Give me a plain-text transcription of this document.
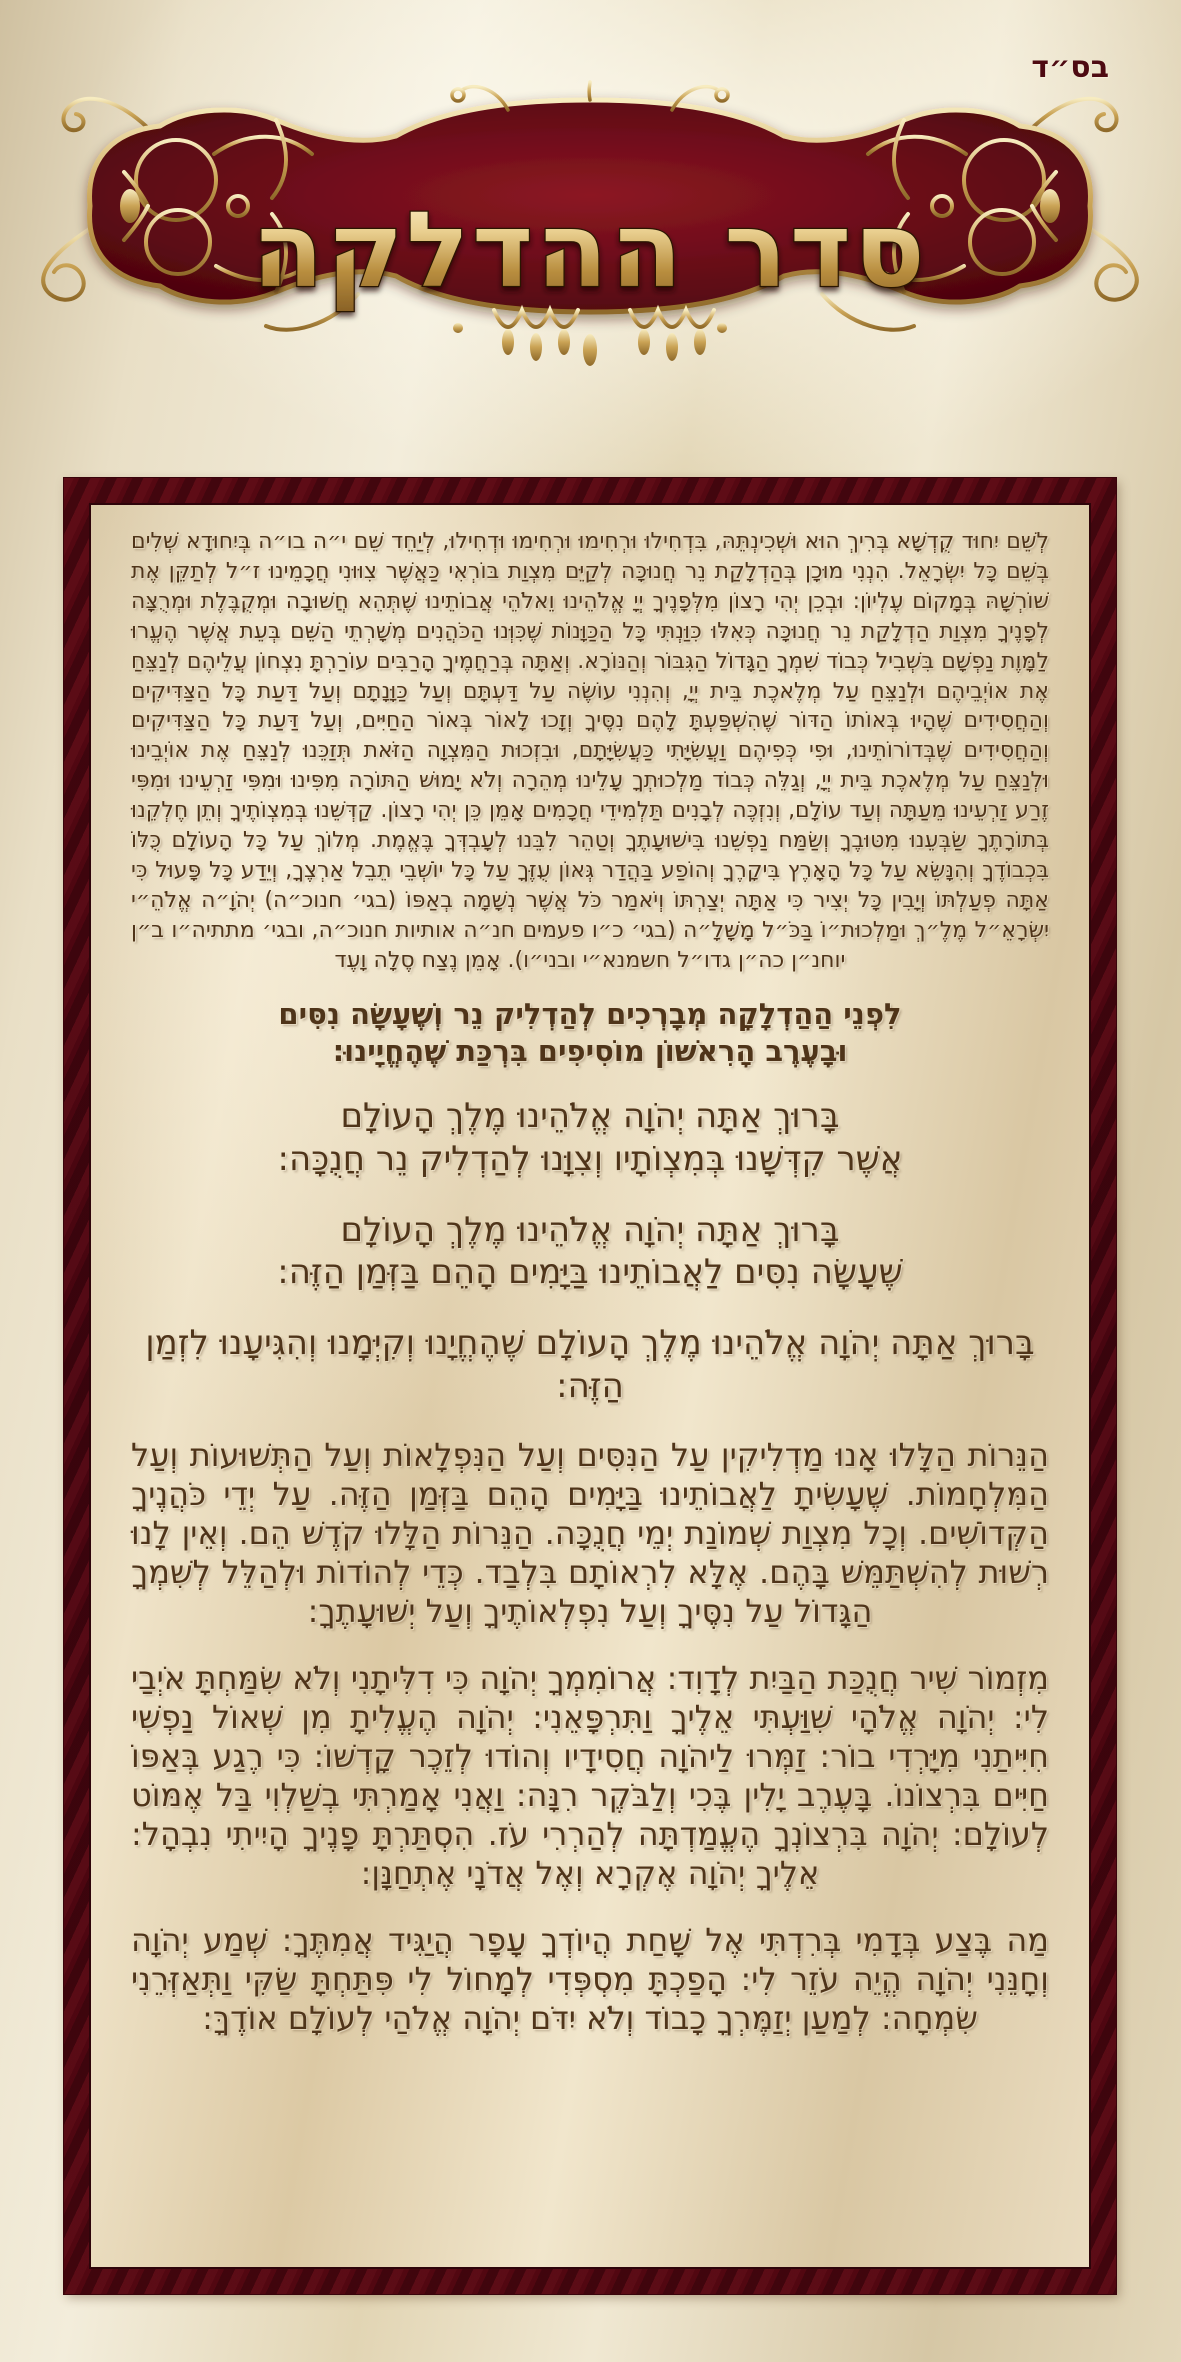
בס״ד
סדר ההדלקה

לְשֵׁם יִחוּד קֻדְשָׁא בְּרִיךְ הוּא וּשְׁכִינְתֵּהּ, בִּדְחִילוּ וּרְחִימוּ וּרְחִימוּ וּדְחִילוּ, לְיַחֵד שֵׁם י״ה בו״ה בְּיִחוּדָא שְׁלִים בְּשֵׁם כָּל יִשְׂרָאֵל. הִנְנִי מוּכָן בְּהַדְלָקַת נֵר חֲנוּכָּה לְקַיֵּם מִצְוַת בּוֹרְאִי כַּאֲשֶׁר צִוּוּנִי חֲכָמֵינוּ ז״ל לְתַקֵּן אֶת שׁוֹרְשָׁהּ בְּמָקוֹם עֶלְיוֹן: וּבְכֵן יְהִי רָצוֹן מִלְּפָנֶיךָ יְיָ אֱלֹהֵינוּ וֵאלֹהֵי אֲבוֹתֵינוּ שֶׁתְּהֵא חֲשׁוּבָה וּמְקֻבֶּלֶת וּמְרֻצָּה לְפָנֶיךָ מִצְוַת הַדְלָקַת נֵר חֲנוּכָּה כְּאִלּוּ כִּוַּנְתִּי כָּל הַכַּוָּנוֹת שֶׁכִּוְּנוּ הַכֹּהֲנִים מְשָׁרְתֵי הַשֵּׁם בְּעֵת אֲשֶׁר הֶעֱרוּ לַמָּוֶת נַפְשָׁם בִּשְׁבִיל כְּבוֹד שִׁמְךָ הַגָּדוֹל הַגִּבּוֹר וְהַנּוֹרָא. וְאַתָּה בְּרַחֲמֶיךָ הָרַבִּים עוֹרַרְתָּ נִצְחוֹן עֲלֵיהֶם לְנַצֵּחַ אֶת אוֹיְבֵיהֶם וּלְנַצֵּחַ עַל מְלֶאכֶת בֵּית יְיָ, וְהִנְנִי עוֹשֶׂה עַל דַּעְתָּם וְעַל כַּוָּנָתָם וְעַל דַּעַת כָּל הַצַּדִּיקִים וְהַחֲסִידִים שֶׁהָיוּ בְּאוֹתוֹ הַדּוֹר שֶׁהִשְׁפַּעְתָּ לָהֶם נִסֶּיךָ וְזָכוּ לָאוֹר בְּאוֹר הַחַיִּים, וְעַל דַּעַת כָּל הַצַּדִּיקִים וְהַחֲסִידִים שֶׁבְּדוֹרוֹתֵינוּ, וּפִי כְּפִיהֶם וַעֲשִׂיָּתִי כַּעֲשִׂיָּתָם, וּבִזְכוּת הַמִּצְוָה הַזֹּאת תְּזַכֵּנוּ לְנַצֵּחַ אֶת אוֹיְבֵינוּ וּלְנַצֵּחַ עַל מְלֶאכֶת בֵּית יְיָ, וְגַלֵּה כְּבוֹד מַלְכוּתְךָ עָלֵינוּ מְהֵרָה וְלֹא יָמוּשׁ הַתּוֹרָה מִפִּינוּ וּמִפִּי זַרְעֵינוּ וּמִפִּי זֶרַע זַרְעֵינוּ מֵעַתָּה וְעַד עוֹלָם, וְנִזְכֶּה לְבָנִים תַּלְמִידֵי חֲכָמִים אָמֵן כֵּן יְהִי רָצוֹן. קַדְּשֵׁנוּ בְּמִצְוֹתֶיךָ וְתֵן חֶלְקֵנוּ בְּתוֹרָתֶךָ שַׂבְּעֵנוּ מִטּוּבֶךָ וְשַׂמַּח נַפְשֵׁנוּ בִּישׁוּעָתֶךָ וְטַהֵר לִבֵּנוּ לְעָבְדְּךָ בֶּאֱמֶת. מְלוֹךְ עַל כָּל הָעוֹלָם כֻּלּוֹ בִּכְבוֹדֶךָ וְהִנָּשֵׂא עַל כָּל הָאָרֶץ בִּיקָרֶךָ וְהוֹפַע בַּהֲדַר גְּאוֹן עֻזֶּךָ עַל כָּל יוֹשְׁבֵי תֵבֵל אַרְצֶךָ, וְיֵדַע כָּל פָּעוּל כִּי אַתָּה פְעַלְתּוֹ וְיָבִין כָּל יְצִיר כִּי אַתָּה יְצַרְתּוֹ וְיֹאמַר כֹּל אֲשֶׁר נְשָׁמָה בְאַפּוֹ (בגי׳ חנוכ״ה) יְהֹוָ״ה אֱלֹהֵ״י יִשְׂרָאֵ״ל מֶלֶ״ךְ וּמַלְכוּת״וֹ בַּכֹּ״ל מָשָׁלָ״ה (בגי׳ כ״ו פעמים חנ״ה אותיות חנוכ״ה, ובגי׳ מתתיה״ו ב״ן יוחנ״ן כה״ן גדו״ל חשמנא״י ובני״ו). אָמֵן נֶצַח סֶלָה וָעֶד

לִפְנֵי הַהַדְלָקָה מְבָרְכִים לְהַדְלִיק נֵר וְשֶׁעָשָׂה נִסִּים
וּבָעֶרֶב הָרִאשׁוֹן מוֹסִיפִים בִּרְכַּת שֶׁהֶחֱיָינוּ:
בָּרוּךְ אַתָּה יְהֹוָה אֱלֹהֵינוּ מֶלֶךְ הָעוֹלָם
אֲשֶׁר קִדְּשָׁנוּ בְּמִצְוֹתָיו וְצִוָּנוּ לְהַדְלִיק נֵר חֲנֻכָּה:
בָּרוּךְ אַתָּה יְהֹוָה אֱלֹהֵינוּ מֶלֶךְ הָעוֹלָם
שֶׁעָשָׂה נִסִּים לַאֲבוֹתֵינוּ בַּיָּמִים הָהֵם בַּזְּמַן הַזֶּה:

בָּרוּךְ אַתָּה יְהֹוָה אֱלֹהֵינוּ מֶלֶךְ הָעוֹלָם שֶׁהֶחֱיָנוּ וְקִיְּמָנוּ וְהִגִּיעָנוּ לִזְמַן הַזֶּה:

הַנֵּרוֹת הַלָּלוּ אָנוּ מַדְלִיקִין עַל הַנִּסִּים וְעַל הַנִּפְלָאוֹת וְעַל הַתְּשׁוּעוֹת וְעַל הַמִּלְחָמוֹת. שֶׁעָשִׂיתָ לַאֲבוֹתֵינוּ בַּיָּמִים הָהֵם בַּזְּמַן הַזֶּה. עַל יְדֵי כֹּהֲנֶיךָ הַקְּדוֹשִׁים. וְכָל מִצְוַת שְׁמוֹנַת יְמֵי חֲנֻכָּה. הַנֵּרוֹת הַלָּלוּ קֹדֶשׁ הֵם. וְאֵין לָנוּ רְשׁוּת לְהִשְׁתַּמֵּשׁ בָּהֶם. אֶלָּא לִרְאוֹתָם בִּלְבַד. כְּדֵי לְהוֹדוֹת וּלְהַלֵּל לְשִׁמְךָ הַגָּדוֹל עַל נִסֶּיךָ וְעַל נִפְלְאוֹתֶיךָ וְעַל יְשׁוּעָתֶךָ:

מִזְמוֹר שִׁיר חֲנֻכַּת הַבַּיִת לְדָוִד: אֲרוֹמִמְךָ יְהֹוָה כִּי דִלִּיתָנִי וְלֹא שִׂמַּחְתָּ אֹיְבַי לִי: יְהֹוָה אֱלֹהָי שִׁוַּעְתִּי אֵלֶיךָ וַתִּרְפָּאֵנִי: יְהֹוָה הֶעֱלִיתָ מִן שְׁאוֹל נַפְשִׁי חִיִּיתַנִי מִיָּרְדִי בוֹר: זַמְּרוּ לַיהֹוָה חֲסִידָיו וְהוֹדוּ לְזֵכֶר קָדְשׁוֹ: כִּי רֶגַע בְּאַפּוֹ חַיִּים בִּרְצוֹנוֹ. בָּעֶרֶב יָלִין בֶּכִי וְלַבֹּקֶר רִנָּה: וַאֲנִי אָמַרְתִּי בְשַׁלְוִי בַּל אֶמּוֹט לְעוֹלָם: יְהֹוָה בִּרְצוֹנְךָ הֶעֱמַדְתָּה לְהַרְרִי עֹז. הִסְתַּרְתָּ פָנֶיךָ הָיִיתִי נִבְהָל: אֵלֶיךָ יְהֹוָה אֶקְרָא וְאֶל אֲדֹנָי אֶתְחַנָּן:

מַה בֶּצַע בְּדָמִי בְּרִדְתִּי אֶל שָׁחַת הֲיוֹדְךָ עָפָר הֲיַגִּיד אֲמִתֶּךָ: שְׁמַע יְהֹוָה וְחָנֵּנִי יְהֹוָה הֱיֵה עֹזֵר לִי: הָפַכְתָּ מִסְפְּדִי לְמָחוֹל לִי פִּתַּחְתָּ שַׂקִּי וַתְּאַזְּרֵנִי שִׂמְחָה: לְמַעַן יְזַמֶּרְךָ כָבוֹד וְלֹא יִדֹּם יְהֹוָה אֱלֹהַי לְעוֹלָם אוֹדֶךָּ:
